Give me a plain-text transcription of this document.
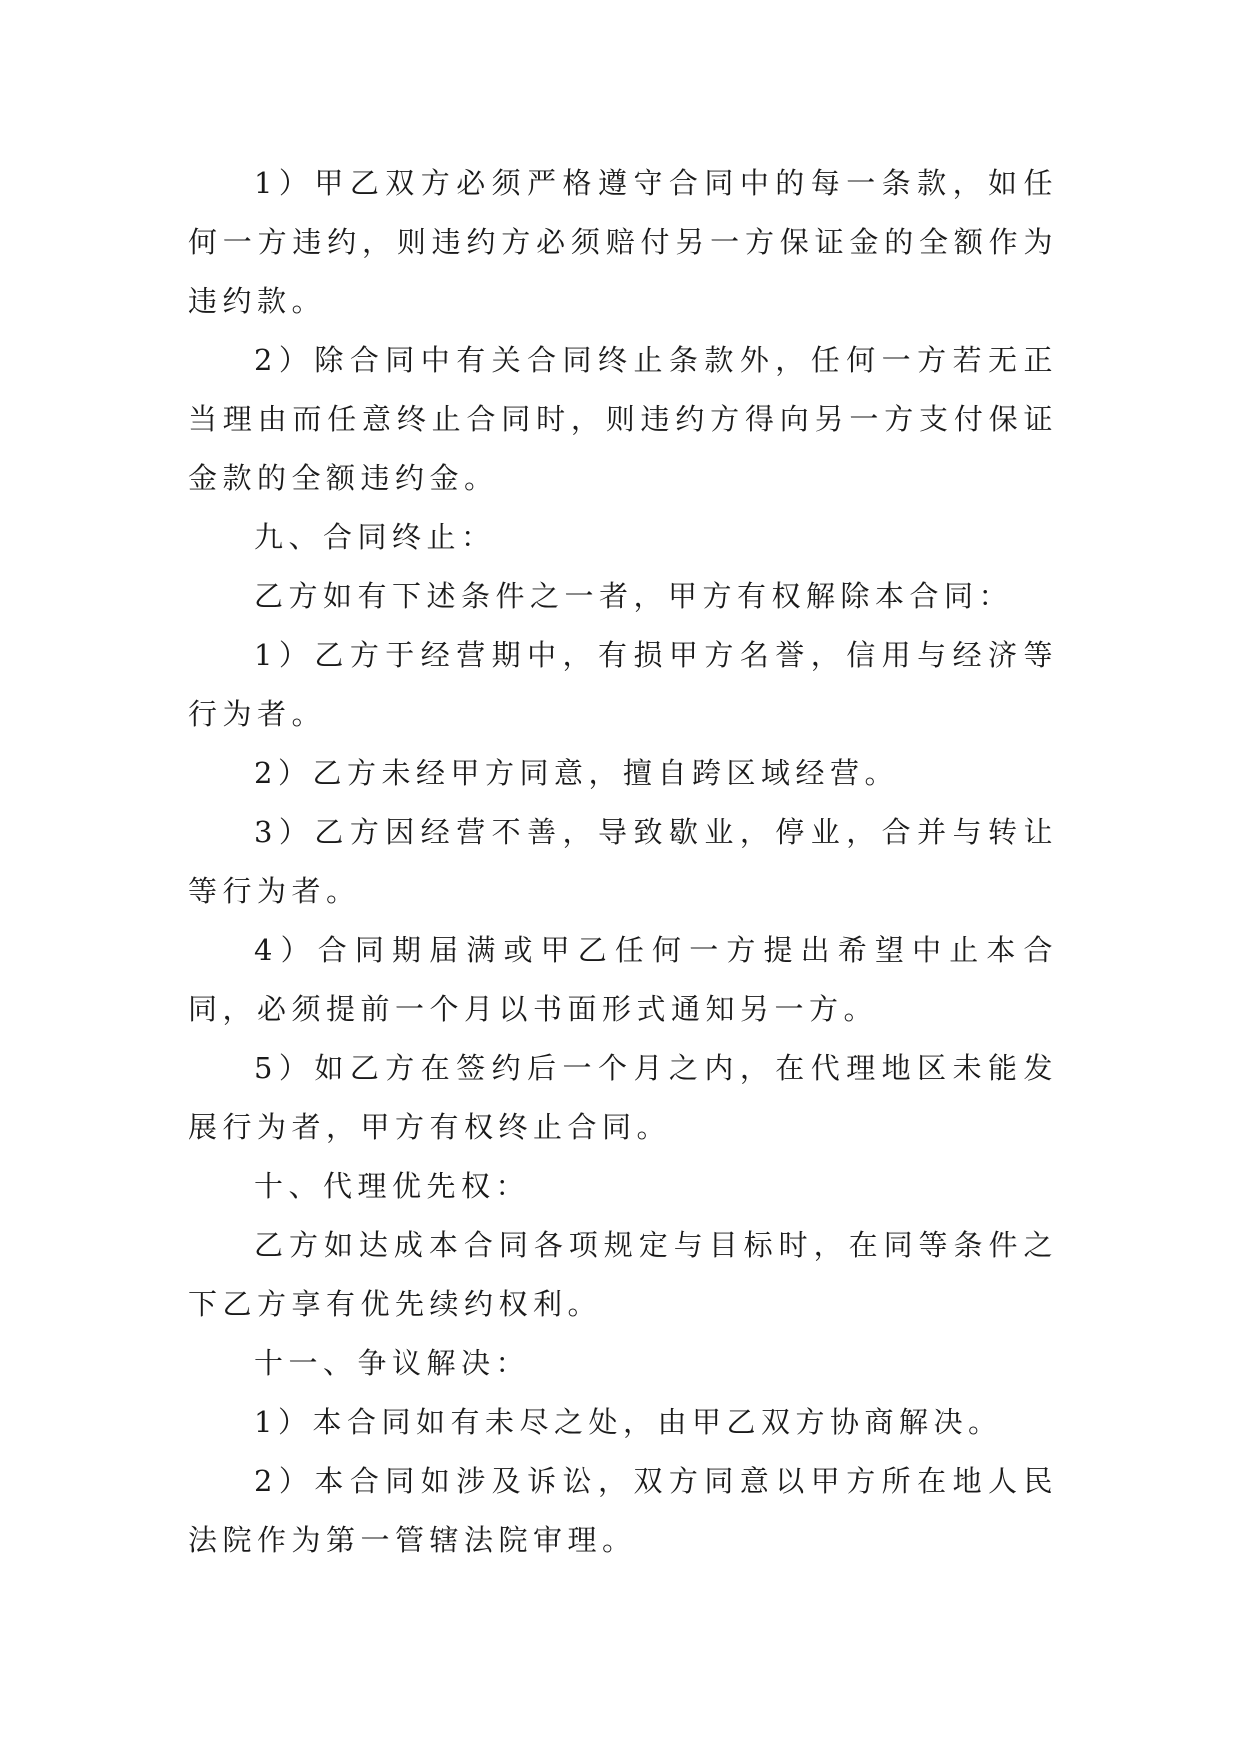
1）甲乙双方必须严格遵守合同中的每一条款，如任何一方违约，则违约方必须赔付另一方保证金的全额作为违约款。

2）除合同中有关合同终止条款外，任何一方若无正当理由而任意终止合同时，则违约方得向另一方支付保证金款的全额违约金。

九、合同终止：

乙方如有下述条件之一者，甲方有权解除本合同：

1）乙方于经营期中，有损甲方名誉，信用与经济等行为者。

2）乙方未经甲方同意，擅自跨区域经营。

3）乙方因经营不善，导致歇业，停业，合并与转让等行为者。

4）合同期届满或甲乙任何一方提出希望中止本合同，必须提前一个月以书面形式通知另一方。

5）如乙方在签约后一个月之内，在代理地区未能发展行为者，甲方有权终止合同。

十、代理优先权：

乙方如达成本合同各项规定与目标时，在同等条件之下乙方享有优先续约权利。

十一、争议解决：

1）本合同如有未尽之处，由甲乙双方协商解决。

2）本合同如涉及诉讼，双方同意以甲方所在地人民法院作为第一管辖法院审理。
